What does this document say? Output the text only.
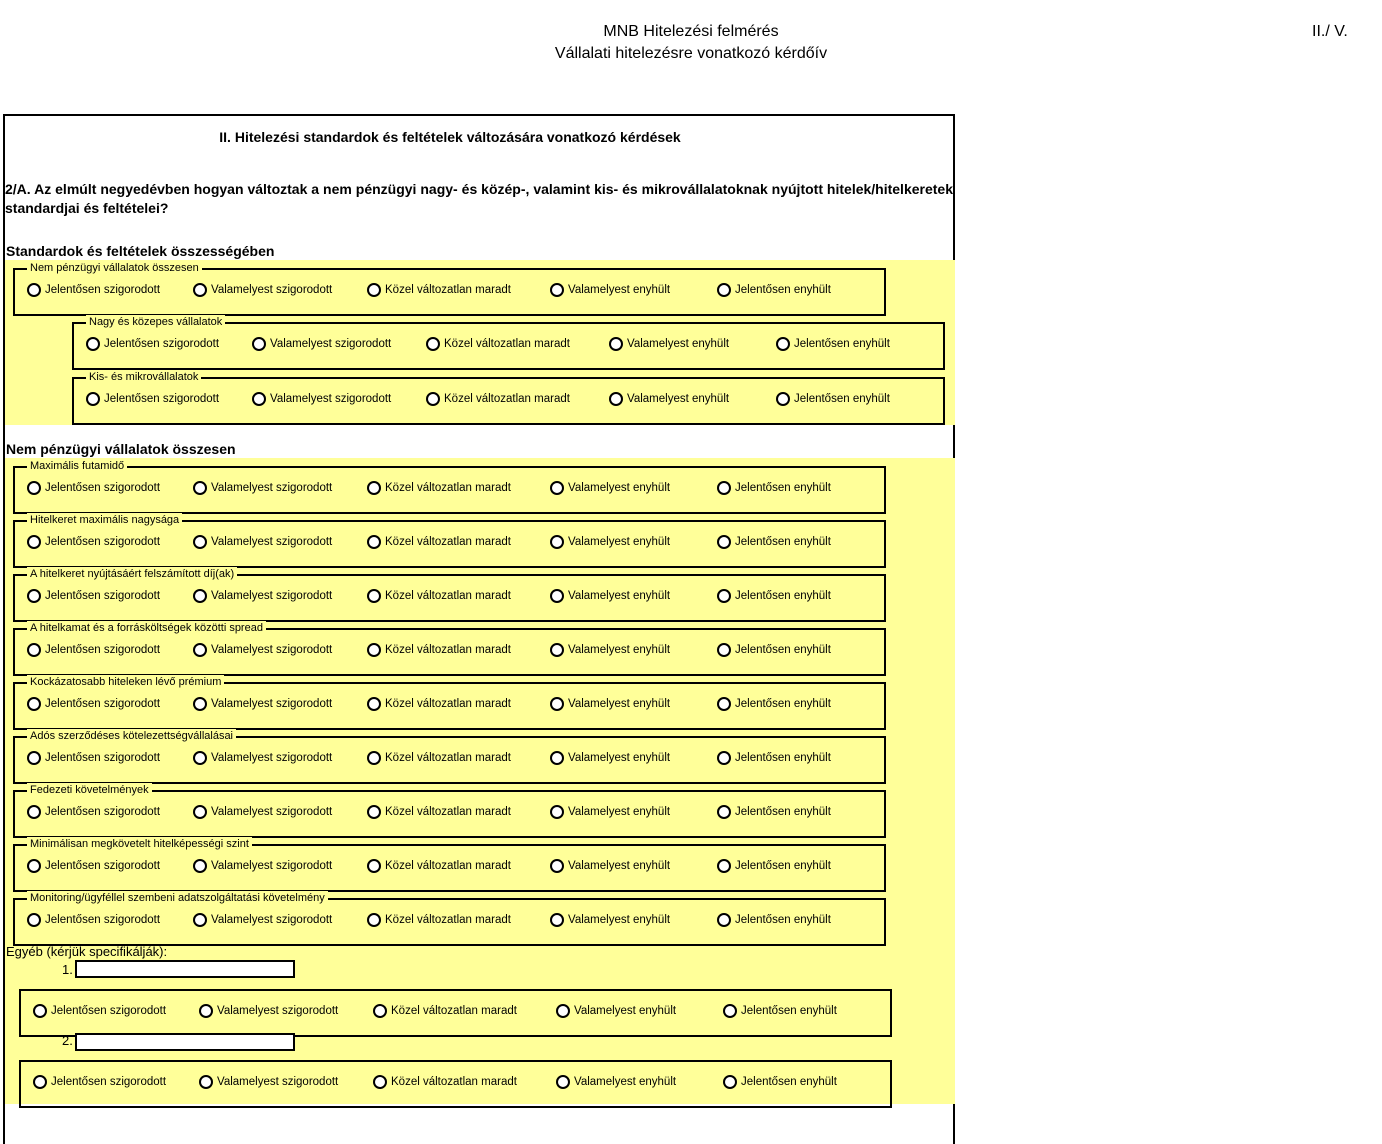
MNB Hitelezési felmérés
Vállalati hitelezésre vonatkozó kérdőív
II./ V.
II. Hitelezési standardok és feltételek változására vonatkozó kérdések
2/A. Az elmúlt negyedévben hogyan változtak a nem pénzügyi nagy- és közép-, valamint kis- és mikrovállalatoknak nyújtott hitelek/hitelkeretek standardjai és feltételei?
Standardok és feltételek összességében
Nem pénzügyi vállalatok összesen
Nem pénzügyi vállalatok összesen
Jelentősen szigorodott	Valamelyest szigorodott	Közel változatlan maradt	Valamelyest enyhült	Jelentősen enyhült
Nagy és közepes vállalatok
Jelentősen szigorodott	Valamelyest szigorodott	Közel változatlan maradt	Valamelyest enyhült	Jelentősen enyhült
Kis- és mikrovállalatok
Jelentősen szigorodott	Valamelyest szigorodott	Közel változatlan maradt	Valamelyest enyhült	Jelentősen enyhült
Maximális futamidő
Jelentősen szigorodott	Valamelyest szigorodott	Közel változatlan maradt	Valamelyest enyhült	Jelentősen enyhült
Hitelkeret maximális nagysága
Jelentősen szigorodott	Valamelyest szigorodott	Közel változatlan maradt	Valamelyest enyhült	Jelentősen enyhült
A hitelkeret nyújtásáért felszámított díj(ak)
Jelentősen szigorodott	Valamelyest szigorodott	Közel változatlan maradt	Valamelyest enyhült	Jelentősen enyhült
A hitelkamat és a forrásköltségek közötti spread
Jelentősen szigorodott	Valamelyest szigorodott	Közel változatlan maradt	Valamelyest enyhült	Jelentősen enyhült
Kockázatosabb hiteleken lévő prémium
Jelentősen szigorodott	Valamelyest szigorodott	Közel változatlan maradt	Valamelyest enyhült	Jelentősen enyhült
Adós szerződéses kötelezettségvállalásai
Jelentősen szigorodott	Valamelyest szigorodott	Közel változatlan maradt	Valamelyest enyhült	Jelentősen enyhült
Fedezeti követelmények
Jelentősen szigorodott	Valamelyest szigorodott	Közel változatlan maradt	Valamelyest enyhült	Jelentősen enyhült
Minimálisan megkövetelt hitelképességi szint
Jelentősen szigorodott	Valamelyest szigorodott	Közel változatlan maradt	Valamelyest enyhült	Jelentősen enyhült
Monitoring/ügyféllel szembeni adatszolgáltatási követelmény
Jelentősen szigorodott	Valamelyest szigorodott	Közel változatlan maradt	Valamelyest enyhült	Jelentősen enyhült
Jelentősen szigorodott	Valamelyest szigorodott	Közel változatlan maradt	Valamelyest enyhült	Jelentősen enyhült
Jelentősen szigorodott	Valamelyest szigorodott	Közel változatlan maradt	Valamelyest enyhült	Jelentősen enyhült
Egyéb (kérjük specifikálják):
1.
2.
